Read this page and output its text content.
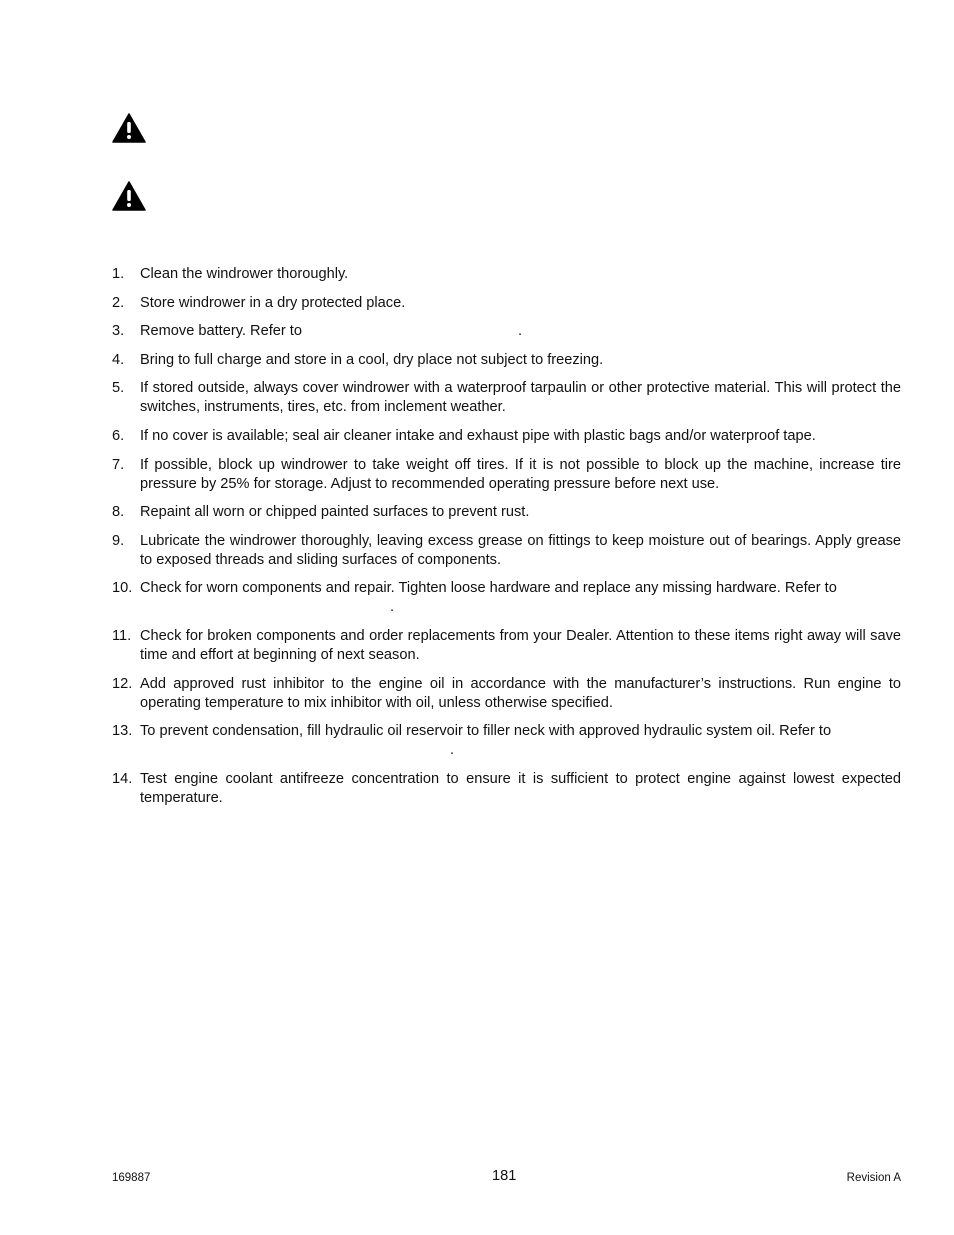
1.	Clean the windrower thoroughly.
2.	Store windrower in a dry protected place.
3.	Remove battery. Refer to	.
4.	Bring to full charge and store in a cool, dry place not subject to freezing.
5.	If stored outside, always cover windrower with a waterproof tarpaulin or other protective material. This will protect the switches, instruments, tires, etc. from inclement weather.
6.	If no cover is available; seal air cleaner intake and exhaust pipe with plastic bags and/or waterproof tape.
7.	If possible, block up windrower to take weight off tires. If it is not possible to block up the machine, increase tire pressure by 25% for storage. Adjust to recommended operating pressure before next use.
8.	Repaint all worn or chipped painted surfaces to prevent rust.
9.	Lubricate the windrower thoroughly, leaving excess grease on fittings to keep moisture out of bearings. Apply grease to exposed threads and sliding surfaces of components.
10. Check for worn components and repair. Tighten loose hardware and replace any missing hardware. Refer to
.
11. Check for broken components and order replacements from your Dealer. Attention to these items right away will save time and effort at beginning of next season.
12. Add approved rust inhibitor to the engine oil in accordance with the manufacturer’s instructions. Run engine to operating temperature to mix inhibitor with oil, unless otherwise specified.
13. To prevent condensation, fill hydraulic oil reservoir to filler neck with approved hydraulic system oil. Refer to
.
14. Test engine coolant antifreeze concentration to ensure it is sufficient to protect engine against lowest expected temperature.
169887	181	Revision A
